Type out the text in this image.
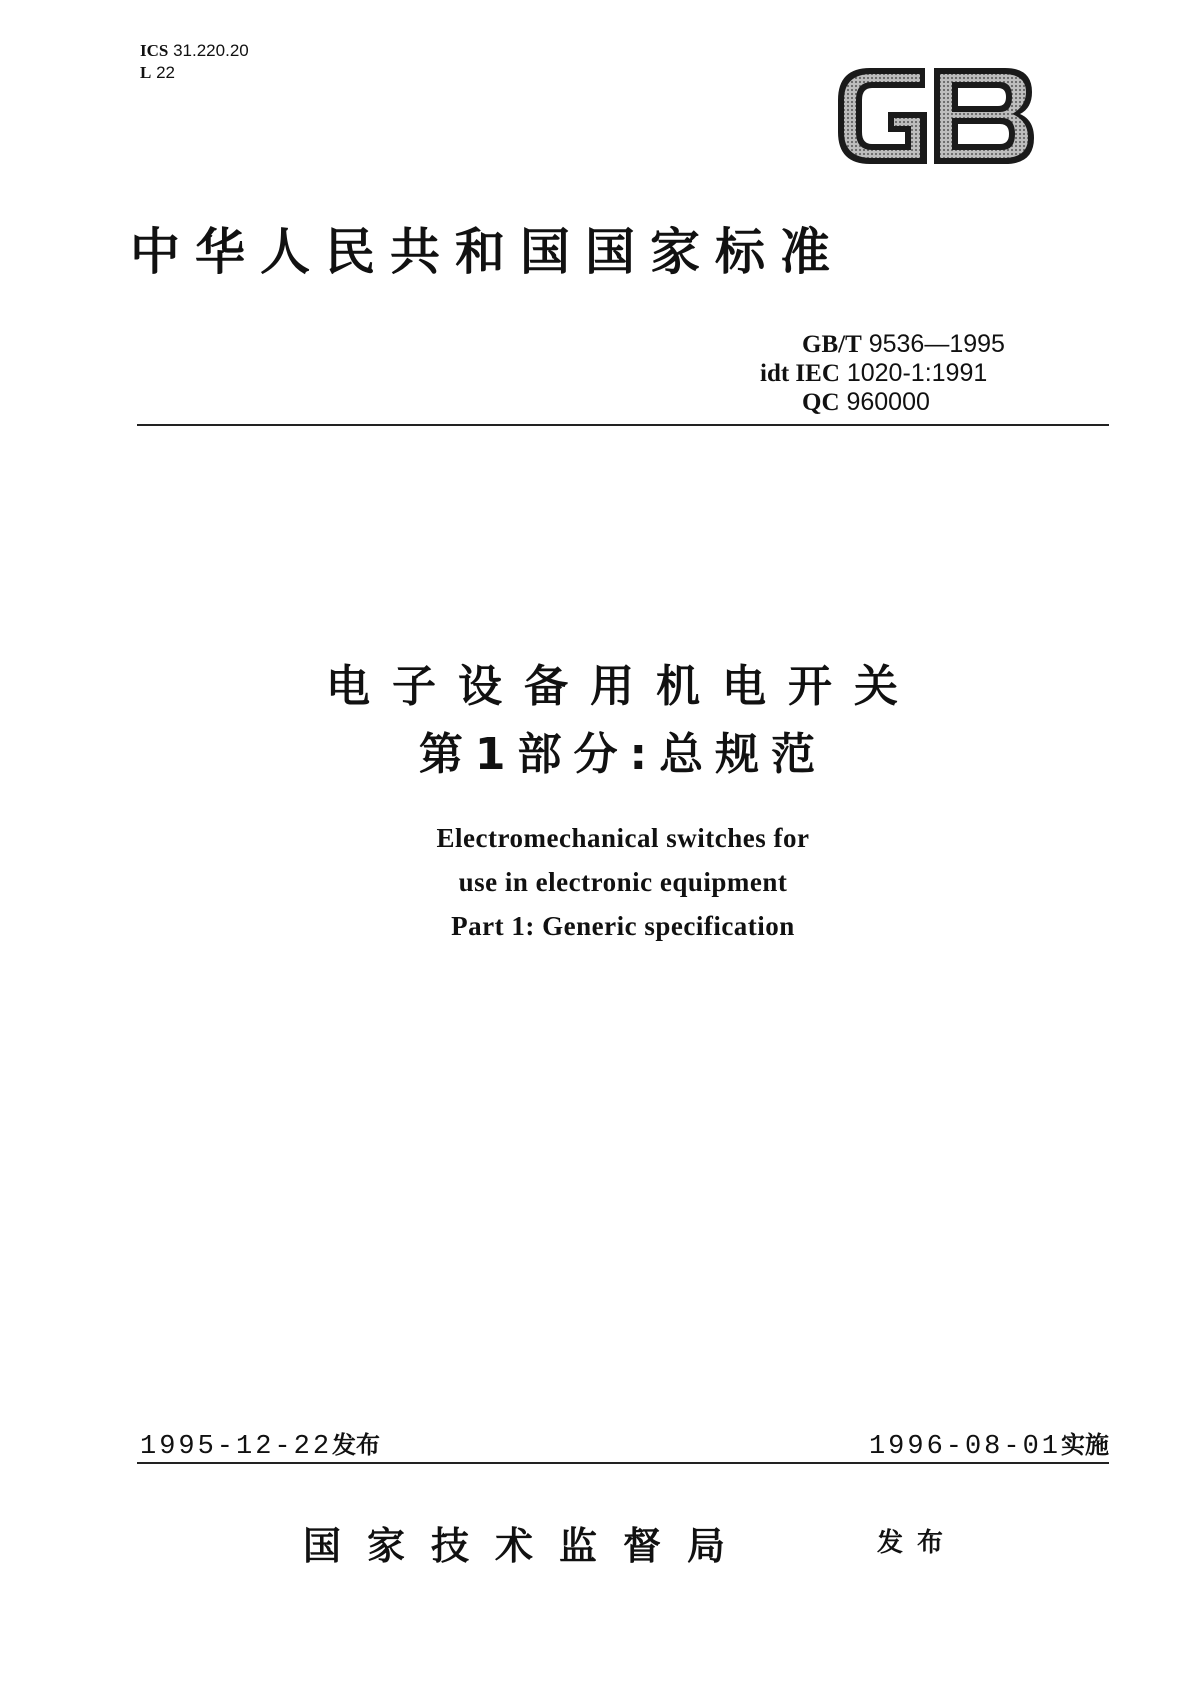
ICS 31.220.20
L 22
中华人民共和国国家标准
GB/T 9536—1995
idt IEC 1020-1:1991
QC 960000
电子设备用机电开关
第1部分:总规范
Electromechanical switches for
use in electronic equipment
Part 1: Generic specification
1995-12-22发布	1996-08-01实施
国家技术监督局	发布
